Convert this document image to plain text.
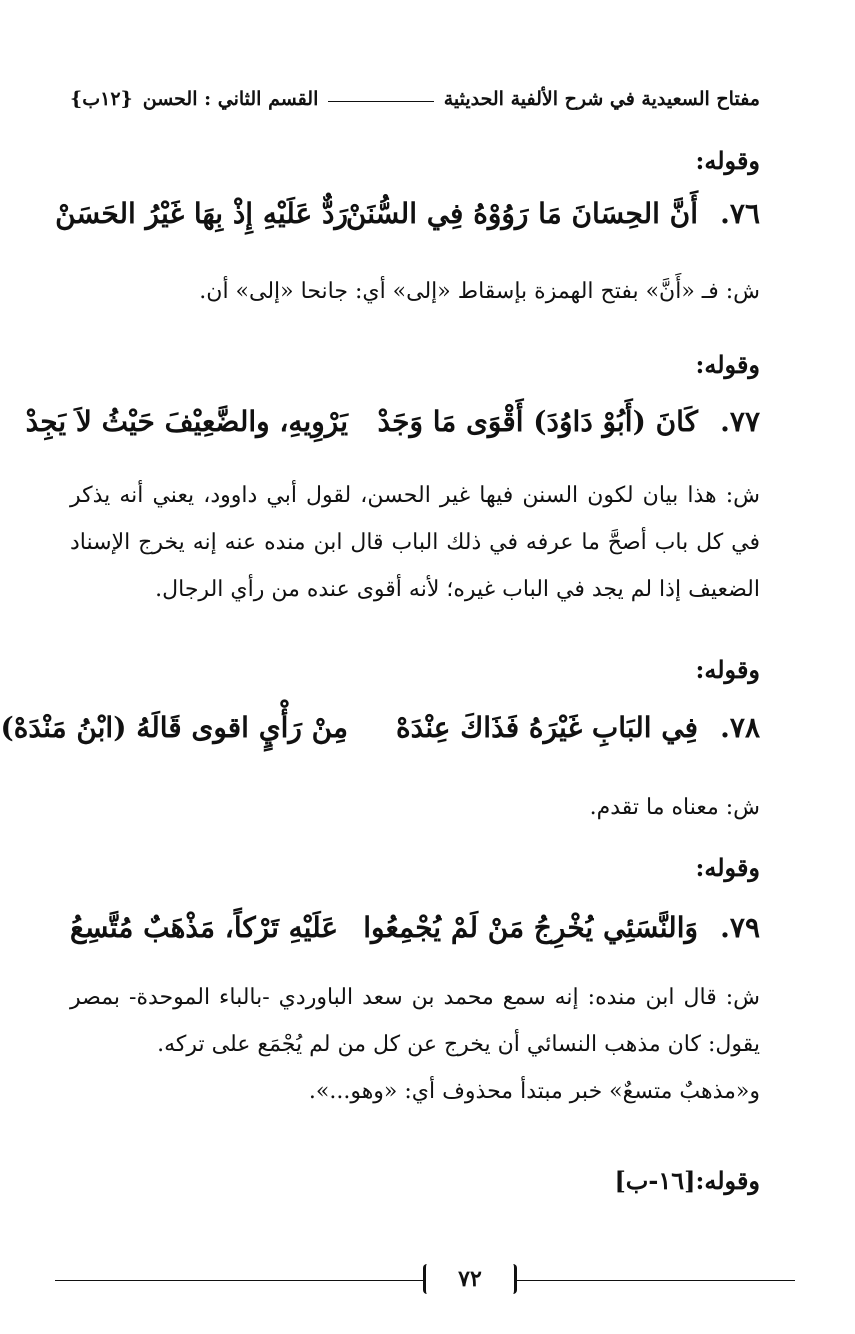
مفتاح السعيدية في شرح الألفية الحديثية
القسم الثاني : الحسن
{١٢ب}
وقوله:
٧٦.
أَنَّ الحِسَانَ مَا رَوُوْهُ فِي السُّنَنْ
رَدٌّ عَلَيْهِ إِذْ بِهَا غَيْرُ الحَسَنْ
ش: فـ «أَنَّ» بفتح الهمزة بإسقاط «إلى» أي: جانحا «إلى» أن.
وقوله:
٧٧.
كَانَ (أَبُوْ دَاوُدَ) أَقْوَى مَا وَجَدْ
يَرْوِيهِ، والضَّعِيْفَ حَيْثُ لاَ يَجِدْ
ش: هذا بيان لكون السنن فيها غير الحسن، لقول أبي داوود، يعني أنه يذكر في كل باب أصحَّ ما عرفه في ذلك الباب قال ابن منده عنه إنه يخرج الإسناد الضعيف إذا لم يجد في الباب غيره؛ لأنه أقوى عنده من رأي الرجال.
وقوله:
٧٨.
فِي البَابِ غَيْرَهُ فَذَاكَ عِنْدَهْ
مِنْ رَأْيٍ اقوى قَالَهُ (ابْنُ مَنْدَهْ)
ش: معناه ما تقدم.
وقوله:
٧٩.
وَالنَّسَئِي يُخْرِجُ مَنْ لَمْ يُجْمِعُوا
عَلَيْهِ تَرْكاً، مَذْهَبٌ مُتَّسِعُ
ش: قال ابن منده: إنه سمع محمد بن سعد الباوردي -بالباء الموحدة- بمصر يقول: كان مذهب النسائي أن يخرج عن كل من لم يُجْمَع على تركه.
و«مذهبٌ متسعٌ» خبر مبتدأ محذوف أي: «وهو...».
وقوله:[١٦-ب]
٧٢
